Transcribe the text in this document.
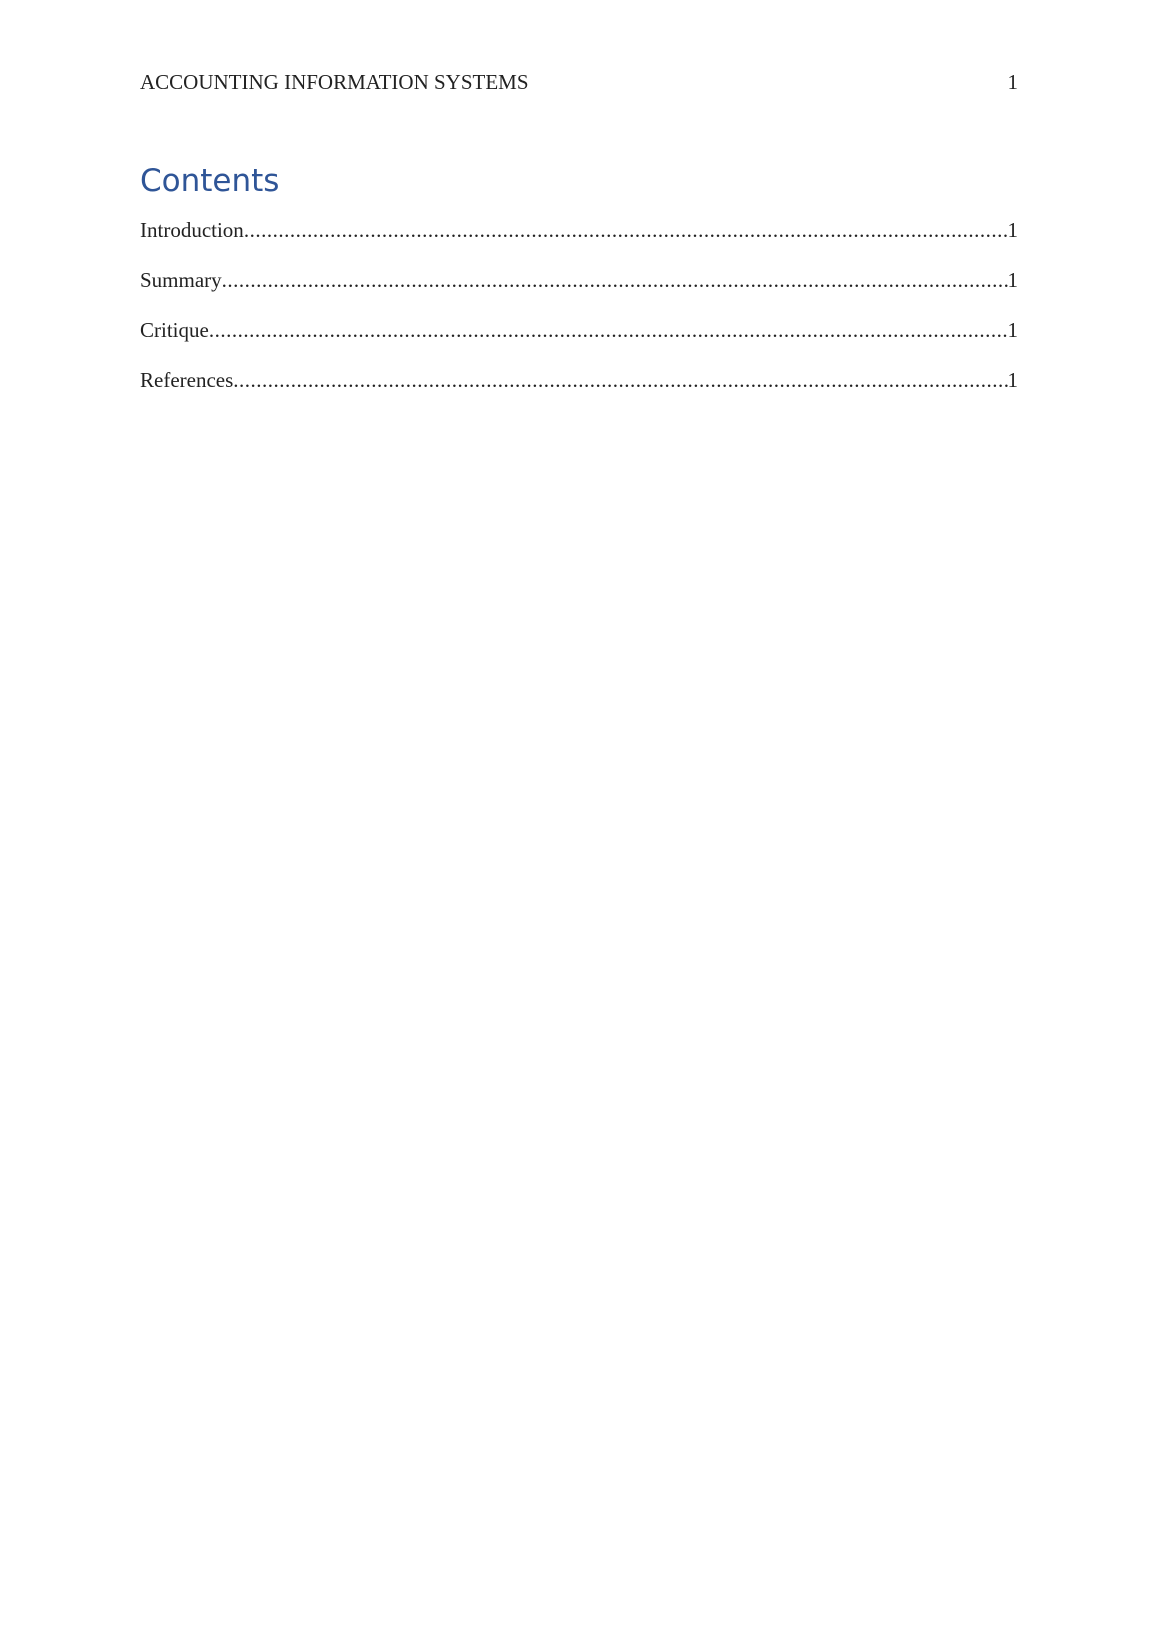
ACCOUNTING INFORMATION SYSTEMS	1
Contents
Introduction .....	1
Summary .....	1
Critique .....	1
References .....	1
